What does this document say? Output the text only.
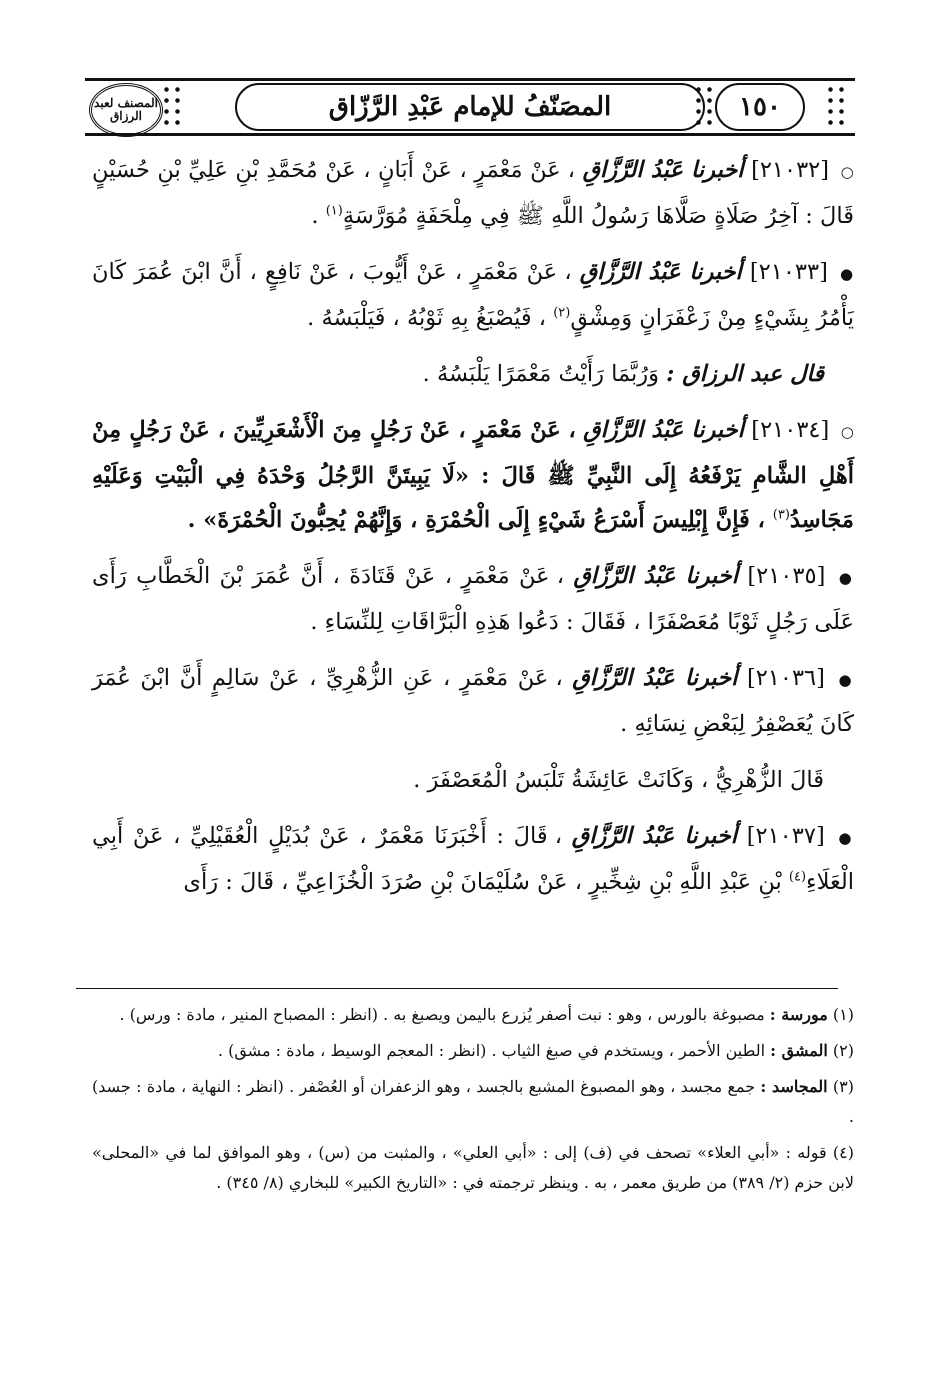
المصنف لعبد الرزاق	المصَنّفُ للإمام عَبْدِ الرَّزّاق	١٥٠

○ [٢١٠٣٢] أخبرنا عَبْدُ الرَّزَّاقِ ، عَنْ مَعْمَرٍ ، عَنْ أَبَانٍ ، عَنْ مُحَمَّدِ بْنِ عَلِيِّ بْنِ حُسَيْنٍ قَالَ : آخِرُ صَلَاةٍ صَلَّاهَا رَسُولُ اللَّهِ ﷺ فِي مِلْحَفَةٍ مُوَرَّسَةٍ$^{(١)}$ .

● [٢١٠٣٣] أخبرنا عَبْدُ الرَّزَّاقِ ، عَنْ مَعْمَرٍ ، عَنْ أَيُّوبَ ، عَنْ نَافِعٍ ، أَنَّ ابْنَ عُمَرَ كَانَ يَأْمُرُ بِشَيْءٍ مِنْ زَعْفَرَانٍ وَمِشْقٍ$^{(٢)}$ ، فَيُصْبَغُ بِهِ ثَوْبُهُ ، فَيَلْبَسُهُ .

قال عبد الرزاق : وَرُبَّمَا رَأَيْتُ مَعْمَرًا يَلْبَسُهُ .

○ [٢١٠٣٤] أخبرنا عَبْدُ الرَّزَّاقِ ، عَنْ مَعْمَرٍ ، عَنْ رَجُلٍ مِنَ الْأَشْعَرِيِّينَ ، عَنْ رَجُلٍ مِنْ أَهْلِ الشَّامِ يَرْفَعُهُ إِلَى النَّبِيِّ ﷺ قَالَ : «لَا يَبِيتَنَّ الرَّجُلُ وَحْدَهُ فِي الْبَيْتِ وَعَلَيْهِ مَجَاسِدُ$^{(٣)}$ ، فَإِنَّ إِبْلِيسَ أَسْرَعُ شَيْءٍ إِلَى الْحُمْرَةِ ، وَإِنَّهُمْ يُحِبُّونَ الْحُمْرَةَ» .

● [٢١٠٣٥] أخبرنا عَبْدُ الرَّزَّاقِ ، عَنْ مَعْمَرٍ ، عَنْ قَتَادَةَ ، أَنَّ عُمَرَ بْنَ الْخَطَّابِ رَأَى عَلَى رَجُلٍ ثَوْبًا مُعَصْفَرًا ، فَقَالَ : دَعُوا هَذِهِ الْبَرَّاقَاتِ لِلنِّسَاءِ .

● [٢١٠٣٦] أخبرنا عَبْدُ الرَّزَّاقِ ، عَنْ مَعْمَرٍ ، عَنِ الزُّهْرِيِّ ، عَنْ سَالِمٍ أَنَّ ابْنَ عُمَرَ كَانَ يُعَصْفِرُ لِبَعْضِ نِسَائِهِ .

قَالَ الزُّهْرِيُّ ، وَكَانَتْ عَائِشَةُ تَلْبَسُ الْمُعَصْفَرَ .

● [٢١٠٣٧] أخبرنا عَبْدُ الرَّزَّاقِ ، قَالَ : أَخْبَرَنَا مَعْمَرٌ ، عَنْ بُدَيْلٍ الْعُقَيْلِيِّ ، عَنْ أَبِي الْعَلَاءِ$^{(٤)}$ بْنِ عَبْدِ اللَّهِ بْنِ شِخِّيرٍ ، عَنْ سُلَيْمَانَ بْنِ صُرَدَ الْخُزَاعِيِّ ، قَالَ : رَأَى

(١) مورسة : مصبوغة بالورس ، وهو : نبت أصفر يُزرع باليمن ويصبغ به . (انظر : المصباح المنير ، مادة : ورس) .

(٢) المشق : الطين الأحمر ، ويستخدم في صبغ الثياب . (انظر : المعجم الوسيط ، مادة : مشق) .

(٣) المجاسد : جمع مجسد ، وهو المصبوغ المشبع بالجسد ، وهو الزعفران أو العُصْفر . (انظر : النهاية ، مادة : جسد) .

(٤) قوله : «أبي العلاء» تصحف في (ف) إلى : «أبي العلي» ، والمثبت من (س) ، وهو الموافق لما في «المحلى» لابن حزم (٢/ ٣٨٩) من طريق معمر ، به . وينظر ترجمته في : «التاريخ الكبير» للبخاري (٨/ ٣٤٥) .
